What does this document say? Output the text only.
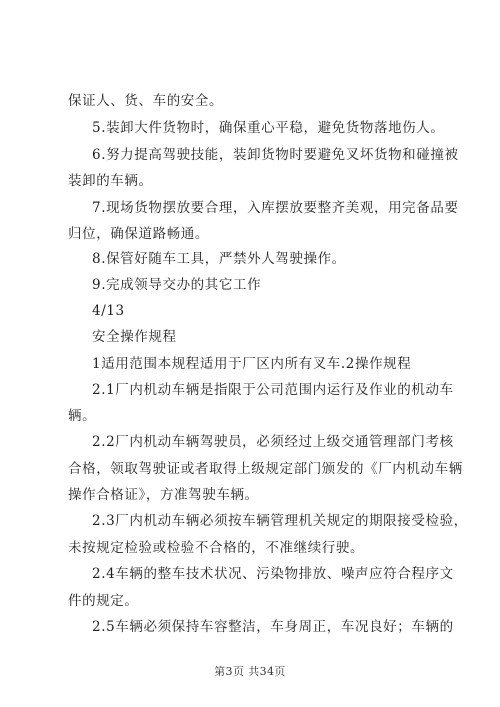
保证人、货、车的安全。
5.装卸大件货物时，确保重心平稳，避免货物落地伤人。
6.努力提高驾驶技能，装卸货物时要避免叉坏货物和碰撞被
装卸的车辆。
7.现场货物摆放要合理，入库摆放要整齐美观，用完备品要
归位，确保道路畅通。
8.保管好随车工具，严禁外人驾驶操作。
9.完成领导交办的其它工作
4/13
安全操作规程
1适用范围本规程适用于厂区内所有叉车.2操作规程
2.1厂内机动车辆是指限于公司范围内运行及作业的机动车
辆。
2.2厂内机动车辆驾驶员，必须经过上级交通管理部门考核
合格，领取驾驶证或者取得上级规定部门颁发的《厂内机动车辆
操作合格证》，方准驾驶车辆。
2.3厂内机动车辆必须按车辆管理机关规定的期限接受检验，
未按规定检验或检验不合格的，不准继续行驶。
2.4车辆的整车技术状况、污染物排放、噪声应符合程序文
件的规定。
2.5车辆必须保持车容整洁，车身周正，车况良好；车辆的
第3页 共34页
